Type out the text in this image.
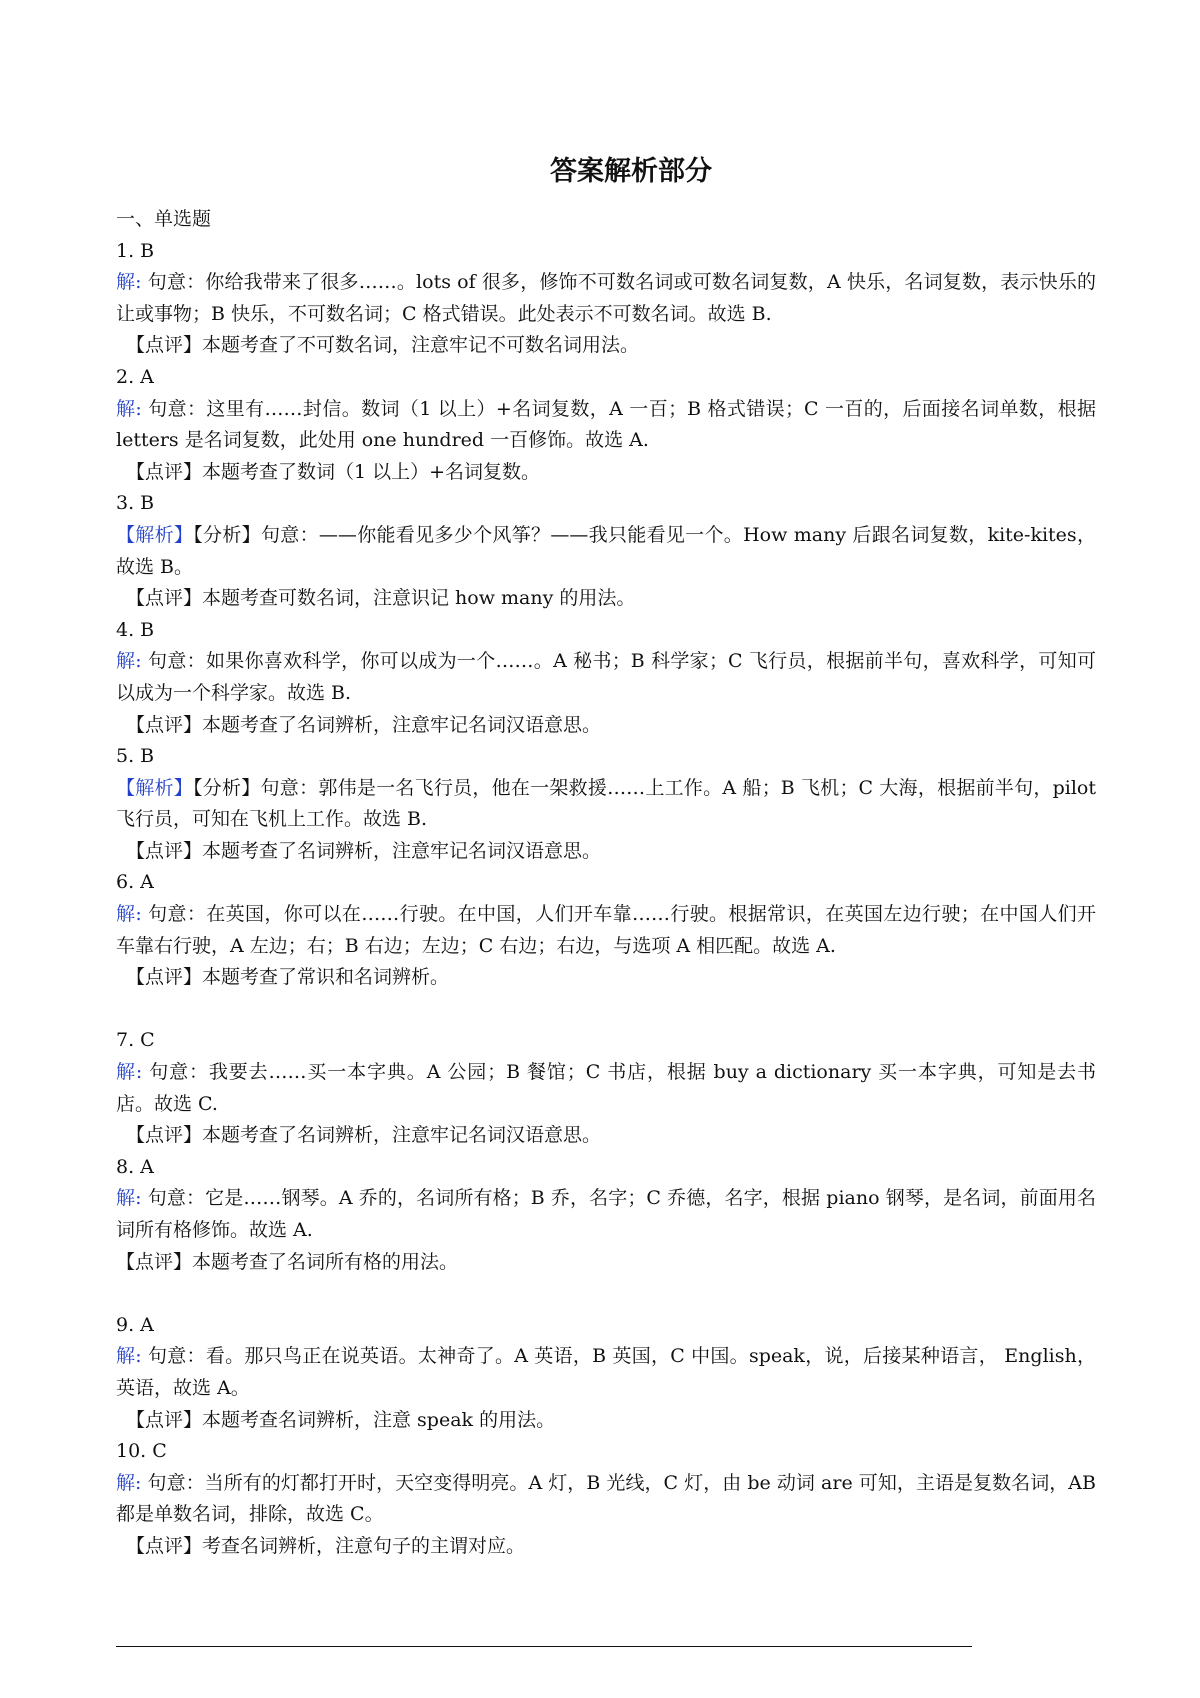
答案解析部分
一、单选题
1. B
解: 句意：你给我带来了很多……。lots of 很多，修饰不可数名词或可数名词复数，A 快乐，名词复数，表示快乐的让或事物；B 快乐，不可数名词；C 格式错误。此处表示不可数名词。故选 B.
【点评】本题考查了不可数名词，注意牢记不可数名词用法。
2. A
解: 句意：这里有……封信。数词（1 以上）+名词复数，A 一百；B 格式错误；C 一百的，后面接名词单数，根据 letters 是名词复数，此处用 one hundred 一百修饰。故选 A.
【点评】本题考查了数词（1 以上）+名词复数。
3. B
【解析】【分析】句意：——你能看见多少个风筝？——我只能看见一个。How many 后跟名词复数，kite-kites，故选 B。
【点评】本题考查可数名词，注意识记 how many 的用法。
4. B
解: 句意：如果你喜欢科学，你可以成为一个……。A 秘书；B 科学家；C 飞行员，根据前半句，喜欢科学，可知可以成为一个科学家。故选 B.
【点评】本题考查了名词辨析，注意牢记名词汉语意思。
5. B
【解析】【分析】句意：郭伟是一名飞行员，他在一架救援……上工作。A 船；B 飞机；C 大海，根据前半句，pilot 飞行员，可知在飞机上工作。故选 B.
【点评】本题考查了名词辨析，注意牢记名词汉语意思。
6. A
解: 句意：在英国，你可以在……行驶。在中国，人们开车靠……行驶。根据常识，在英国左边行驶；在中国人们开车靠右行驶，A 左边；右；B 右边；左边；C 右边；右边，与选项 A 相匹配。故选 A.
【点评】本题考查了常识和名词辨析。
7. C
解: 句意：我要去……买一本字典。A 公园；B 餐馆；C 书店，根据 buy a dictionary 买一本字典，可知是去书店。故选 C.
【点评】本题考查了名词辨析，注意牢记名词汉语意思。
8. A
解: 句意：它是……钢琴。A 乔的，名词所有格；B 乔，名字；C 乔德，名字，根据 piano 钢琴，是名词，前面用名词所有格修饰。故选 A.
【点评】本题考查了名词所有格的用法。
9. A
解: 句意：看。那只鸟正在说英语。太神奇了。A 英语，B 英国，C 中国。speak，说，后接某种语言， English，英语，故选 A。
【点评】本题考查名词辨析，注意 speak 的用法。
10. C
解: 句意：当所有的灯都打开时，天空变得明亮。A 灯，B 光线，C 灯，由 be 动词 are 可知，主语是复数名词，AB 都是单数名词，排除，故选 C。
【点评】考查名词辨析，注意句子的主谓对应。
